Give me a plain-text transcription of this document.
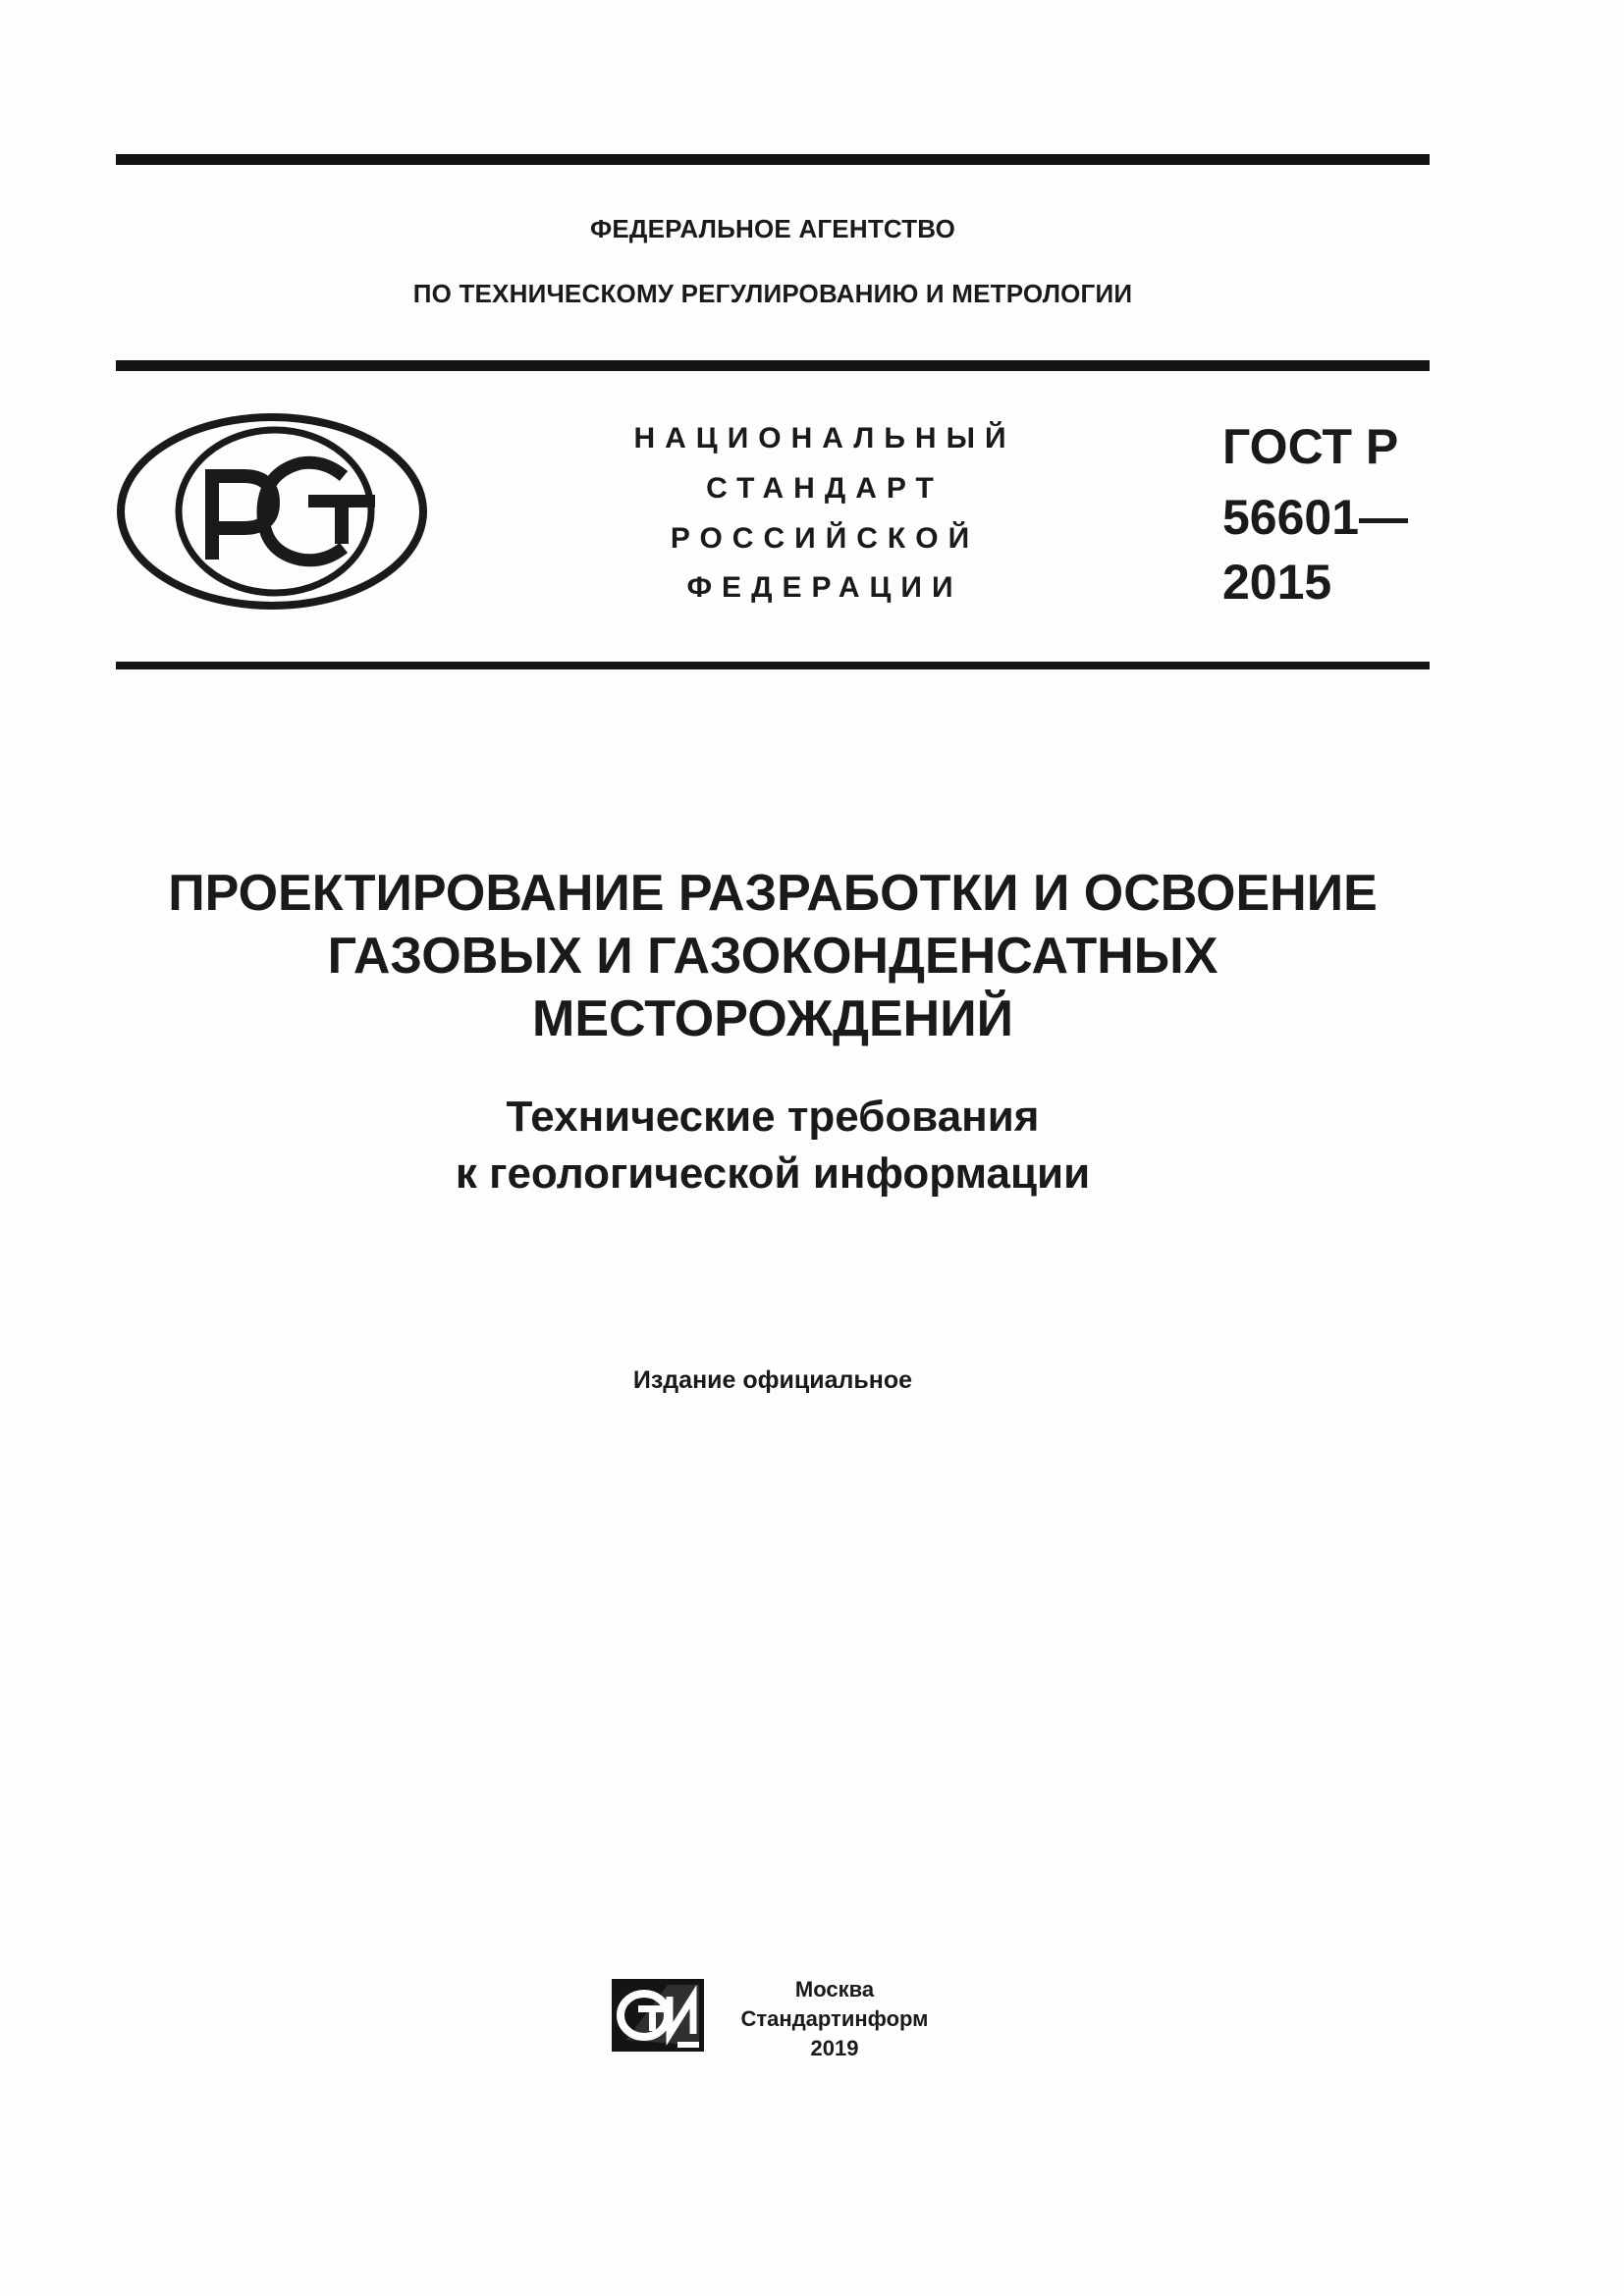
ФЕДЕРАЛЬНОЕ АГЕНТСТВО
ПО ТЕХНИЧЕСКОМУ РЕГУЛИРОВАНИЮ И МЕТРОЛОГИИ
НАЦИОНАЛЬНЫЙ
СТАНДАРТ
РОССИЙСКОЙ
ФЕДЕРАЦИИ
ГОСТ Р
56601—
2015
ПРОЕКТИРОВАНИЕ РАЗРАБОТКИ И ОСВОЕНИЕ
ГАЗОВЫХ И ГАЗОКОНДЕНСАТНЫХ
МЕСТОРОЖДЕНИЙ
Технические требования
к геологической информации
Издание официальное
Москва
Стандартинформ
2019
